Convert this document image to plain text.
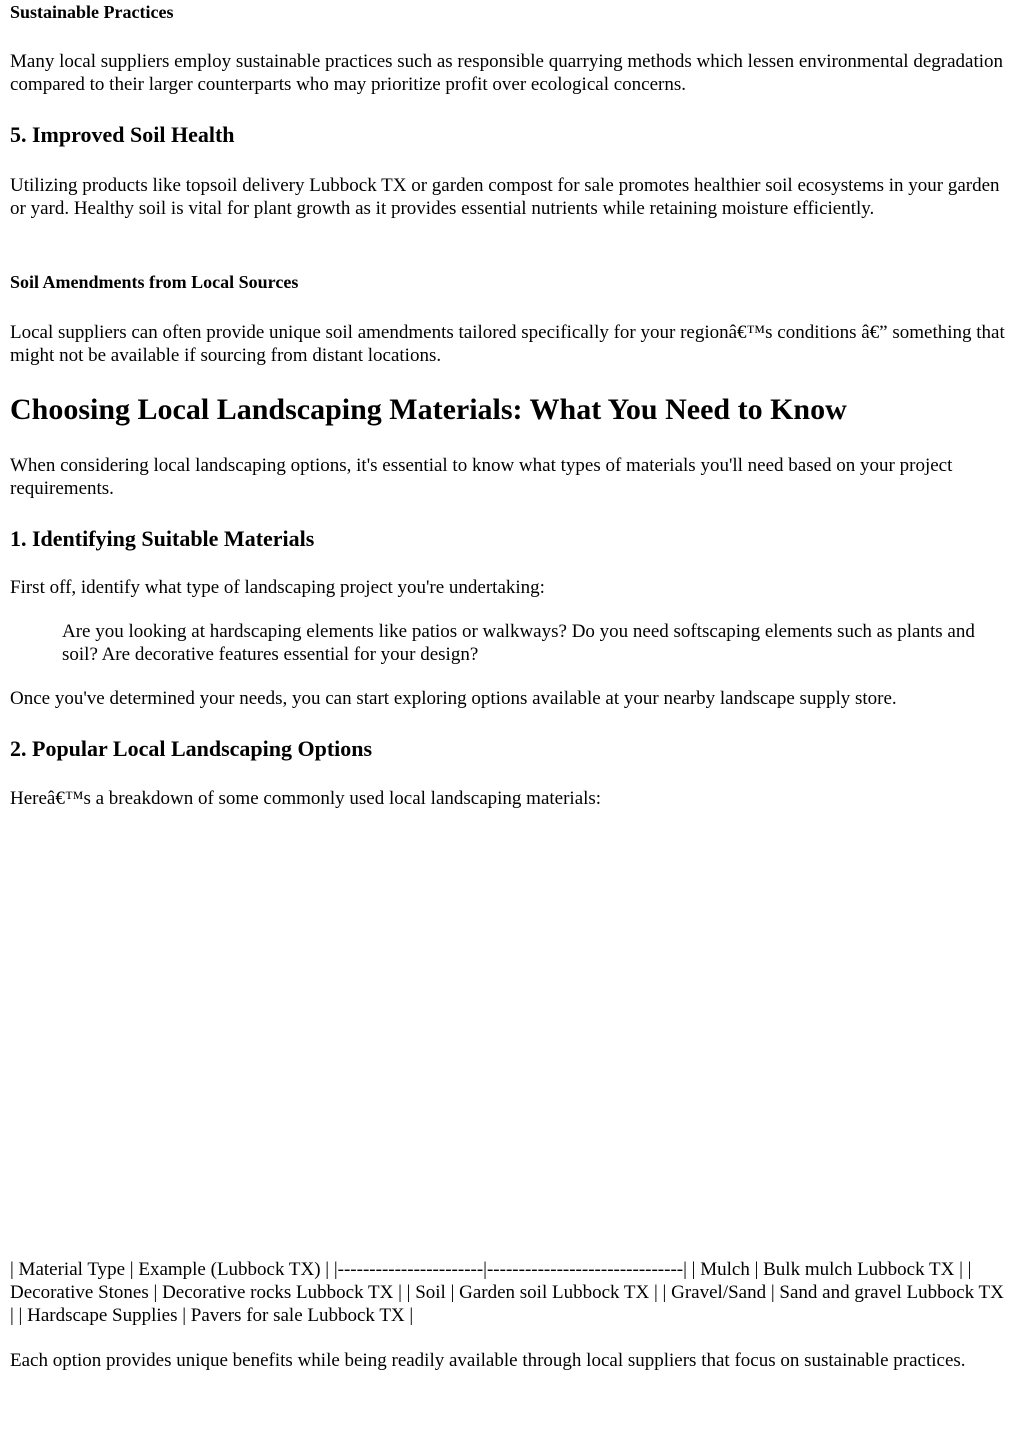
Sustainable Practices

Many local suppliers employ sustainable practices such as responsible quarrying methods which lessen environmental degradation compared to their larger counterparts who may prioritize profit over ecological concerns.

5. Improved Soil Health

Utilizing products like topsoil delivery Lubbock TX or garden compost for sale promotes healthier soil ecosystems in your garden or yard. Healthy soil is vital for plant growth as it provides essential nutrients while retaining moisture efficiently.

Soil Amendments from Local Sources

Local suppliers can often provide unique soil amendments tailored specifically for your regionâ€™s conditions â€” something that might not be available if sourcing from distant locations.

Choosing Local Landscaping Materials: What You Need to Know

When considering local landscaping options, it's essential to know what types of materials you'll need based on your project requirements.

1. Identifying Suitable Materials

First off, identify what type of landscaping project you're undertaking:

Are you looking at hardscaping elements like patios or walkways? Do you need softscaping elements such as plants and soil? Are decorative features essential for your design?

Once you've determined your needs, you can start exploring options available at your nearby landscape supply store.

2. Popular Local Landscaping Options

Hereâ€™s a breakdown of some commonly used local landscaping materials:

| Material Type | Example (Lubbock TX) | |-----------------------|-------------------------------| | Mulch | Bulk mulch Lubbock TX | | Decorative Stones | Decorative rocks Lubbock TX | | Soil | Garden soil Lubbock TX | | Gravel/Sand | Sand and gravel Lubbock TX | | Hardscape Supplies | Pavers for sale Lubbock TX |

Each option provides unique benefits while being readily available through local suppliers that focus on sustainable practices.
